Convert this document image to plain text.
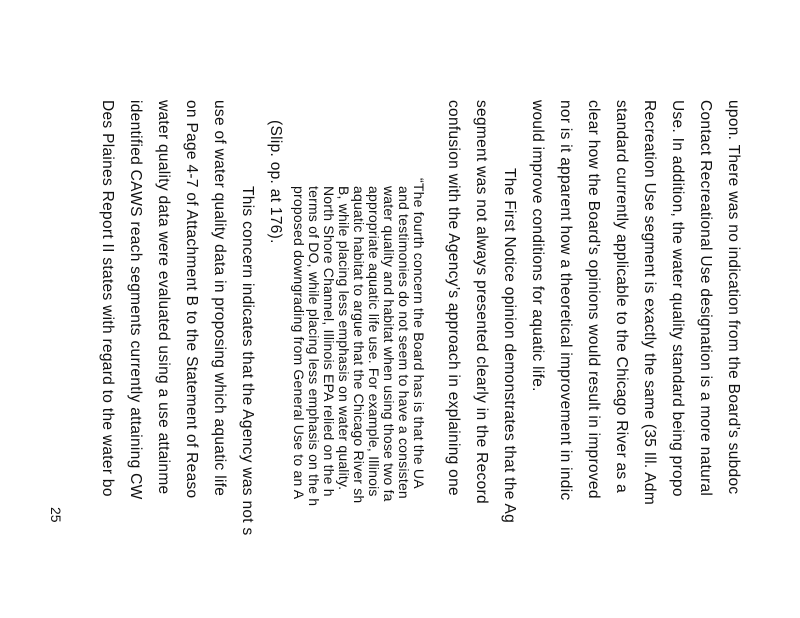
upon. There was no indication from the Board’s subdoc
Contact Recreational Use designation is a more natural
Use. In addition, the water quality standard being propo
Recreation Use segment is exactly the same (35 Ill. Adm
standard currently applicable to the Chicago River as a
clear how the Board’s opinions would result in improved
nor is it apparent how a theoretical improvement in indic
would improve conditions for aquatic life.
The First Notice opinion demonstrates that the Ag
segment was not always presented clearly in the Record
confusion with the Agency’s approach in explaining one
“The fourth concern the Board has is that the UA
and testimonies do not seem to have a consisten
water quality and habitat when using those two fa
appropriate aquatic life use. For example, Illinois
aquatic habitat to argue that the Chicago River sh
B, while placing less emphasis on water quality.
North Shore Channel, Illinois EPA relied on the h
terms of DO, while placing less emphasis on the h
proposed downgrading from General Use to an A
(Slip. op. at 176).
This concern indicates that the Agency was not s
use of water quality data in proposing which aquatic life
on Page 4-7 of Attachment B to the Statement of Reaso
water quality data were evaluated using a use attainme
identified CAWS reach segments currently attaining CW
Des Plaines Report II states with regard to the water bo
25
